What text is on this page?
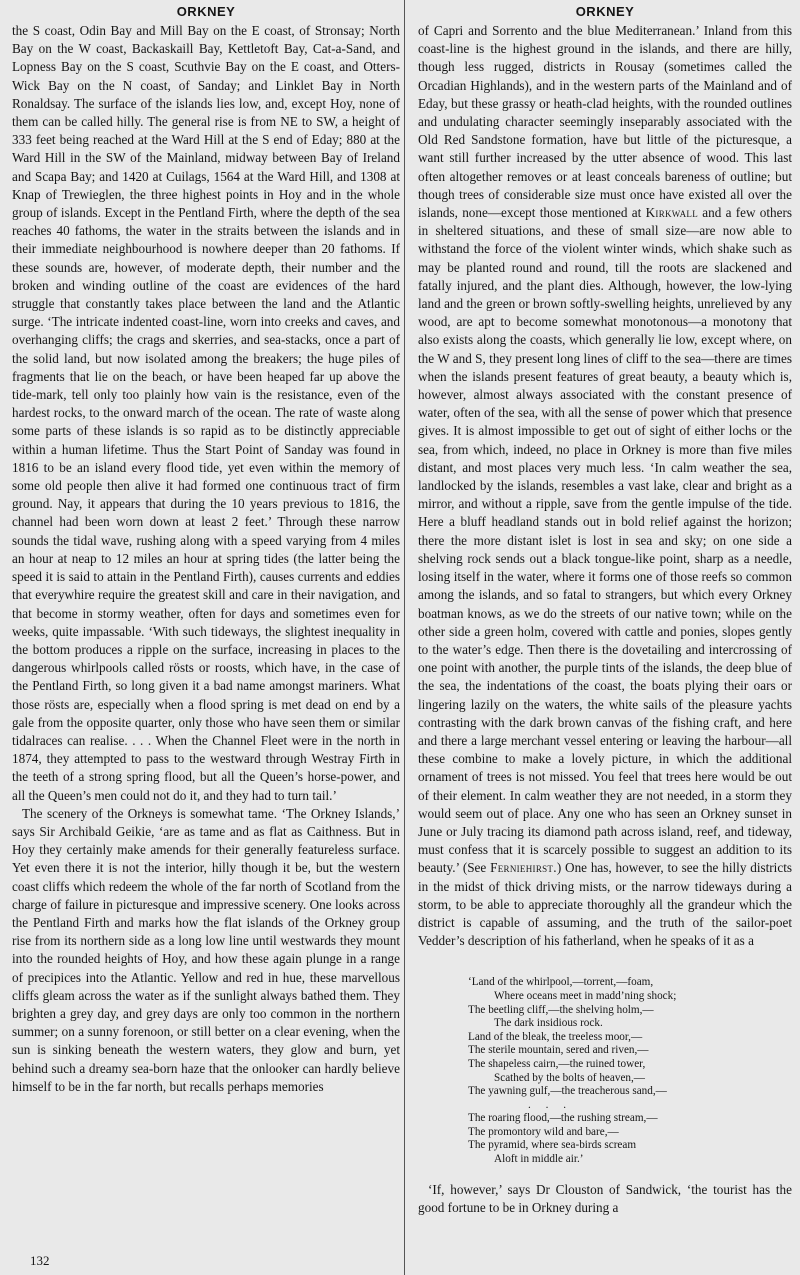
ORKNEY

the S coast, Odin Bay and Mill Bay on the E coast, of Stronsay; North Bay on the W coast, Backaskaill Bay, Kettletoft Bay, Cat-a-Sand, and Lopness Bay on the S coast, Scuthvie Bay on the E coast, and Otters-Wick Bay on the N coast, of Sanday; and Linklet Bay in North Ronaldsay. The surface of the islands lies low, and, except Hoy, none of them can be called hilly. The general rise is from NE to SW, a height of 333 feet being reached at the Ward Hill at the S end of Eday; 880 at the Ward Hill in the SW of the Mainland, midway between Bay of Ireland and Scapa Bay; and 1420 at Cuilags, 1564 at the Ward Hill, and 1308 at Knap of Trewieglen, the three highest points in Hoy and in the whole group of islands. Except in the Pentland Firth, where the depth of the sea reaches 40 fathoms, the water in the straits between the islands and in their immediate neighbourhood is nowhere deeper than 20 fathoms. If these sounds are, however, of moderate depth, their number and the broken and winding outline of the coast are evidences of the hard struggle that constantly takes place between the land and the Atlantic surge. ‘The intricate indented coast-line, worn into creeks and caves, and overhanging cliffs; the crags and skerries, and sea-stacks, once a part of the solid land, but now isolated among the breakers; the huge piles of fragments that lie on the beach, or have been heaped far up above the tide-mark, tell only too plainly how vain is the resistance, even of the hardest rocks, to the onward march of the ocean. The rate of waste along some parts of these islands is so rapid as to be distinctly appreciable within a human lifetime. Thus the Start Point of Sanday was found in 1816 to be an island every flood tide, yet even within the memory of some old people then alive it had formed one continuous tract of firm ground. Nay, it appears that during the 10 years previous to 1816, the channel had been worn down at least 2 feet.’ Through these narrow sounds the tidal wave, rushing along with a speed varying from 4 miles an hour at neap to 12 miles an hour at spring tides (the latter being the speed it is said to attain in the Pentland Firth), causes currents and eddies that everywhire require the greatest skill and care in their navigation, and that become in stormy weather, often for days and sometimes even for weeks, quite impassable. ‘With such tideways, the slightest inequality in the bottom produces a ripple on the surface, increasing in places to the dangerous whirlpools called rösts or roosts, which have, in the case of the Pentland Firth, so long given it a bad name amongst mariners. What those rösts are, especially when a flood spring is met dead on end by a gale from the opposite quarter, only those who have seen them or similar tidalraces can realise. . . . When the Channel Fleet were in the north in 1874, they attempted to pass to the westward through Westray Firth in the teeth of a strong spring flood, but all the Queen’s horse-power, and all the Queen’s men could not do it, and they had to turn tail.’

The scenery of the Orkneys is somewhat tame. ‘The Orkney Islands,’ says Sir Archibald Geikie, ‘are as tame and as flat as Caithness. But in Hoy they certainly make amends for their generally featureless surface. Yet even there it is not the interior, hilly though it be, but the western coast cliffs which redeem the whole of the far north of Scotland from the charge of failure in picturesque and impressive scenery. One looks across the Pentland Firth and marks how the flat islands of the Orkney group rise from its northern side as a long low line until westwards they mount into the rounded heights of Hoy, and how these again plunge in a range of precipices into the Atlantic. Yellow and red in hue, these marvellous cliffs gleam across the water as if the sunlight always bathed them. They brighten a grey day, and grey days are only too common in the northern summer; on a sunny forenoon, or still better on a clear evening, when the sun is sinking beneath the western waters, they glow and burn, yet behind such a dreamy sea-born haze that the onlooker can hardly believe himself to be in the far north, but recalls perhaps memories

132
ORKNEY

of Capri and Sorrento and the blue Mediterranean.’ Inland from this coast-line is the highest ground in the islands, and there are hilly, though less rugged, districts in Rousay (sometimes called the Orcadian Highlands), and in the western parts of the Mainland and of Eday, but these grassy or heath-clad heights, with the rounded outlines and undulating character seemingly inseparably associated with the Old Red Sandstone formation, have but little of the picturesque, a want still further increased by the utter absence of wood. This last often altogether removes or at least conceals bareness of outline; but though trees of considerable size must once have existed all over the islands, none—except those mentioned at Kirkwall and a few others in sheltered situations, and these of small size—are now able to withstand the force of the violent winter winds, which shake such as may be planted round and round, till the roots are slackened and fatally injured, and the plant dies. Although, however, the low-lying land and the green or brown softly-swelling heights, unrelieved by any wood, are apt to become somewhat monotonous—a monotony that also exists along the coasts, which generally lie low, except where, on the W and S, they present long lines of cliff to the sea—there are times when the islands present features of great beauty, a beauty which is, however, almost always associated with the constant presence of water, often of the sea, with all the sense of power which that presence gives. It is almost impossible to get out of sight of either lochs or the sea, from which, indeed, no place in Orkney is more than five miles distant, and most places very much less. ‘In calm weather the sea, landlocked by the islands, resembles a vast lake, clear and bright as a mirror, and without a ripple, save from the gentle impulse of the tide. Here a bluff headland stands out in bold relief against the horizon; there the more distant islet is lost in sea and sky; on one side a shelving rock sends out a black tongue-like point, sharp as a needle, losing itself in the water, where it forms one of those reefs so common among the islands, and so fatal to strangers, but which every Orkney boatman knows, as we do the streets of our native town; while on the other side a green holm, covered with cattle and ponies, slopes gently to the water’s edge. Then there is the dovetailing and intercrossing of one point with another, the purple tints of the islands, the deep blue of the sea, the indentations of the coast, the boats plying their oars or lingering lazily on the waters, the white sails of the pleasure yachts contrasting with the dark brown canvas of the fishing craft, and here and there a large merchant vessel entering or leaving the harbour—all these combine to make a lovely picture, in which the additional ornament of trees is not missed. You feel that trees here would be out of their element. In calm weather they are not needed, in a storm they would seem out of place. Any one who has seen an Orkney sunset in June or July tracing its diamond path across island, reef, and tideway, must confess that it is scarcely possible to suggest an addition to its beauty.’ (See Ferniehirst.) One has, however, to see the hilly districts in the midst of thick driving mists, or the narrow tideways during a storm, to be able to appreciate thoroughly all the grandeur which the district is capable of assuming, and the truth of the sailor-poet Vedder’s description of his fatherland, when he speaks of it as a

‘Land of the whirlpool,—torrent,—foam,
Where oceans meet in madd’ning shock;
The beetling cliff,—the shelving holm,—
The dark insidious rock.
Land of the bleak, the treeless moor,—
The sterile mountain, sered and riven,—
The shapeless cairn,—the ruined tower,
Scathed by the bolts of heaven,—
The yawning gulf,—the treacherous sand,—
. . .
The roaring flood,—the rushing stream,—
The promontory wild and bare,—
The pyramid, where sea-birds scream
Aloft in middle air.’

‘If, however,’ says Dr Clouston of Sandwick, ‘the tourist has the good fortune to be in Orkney during a
